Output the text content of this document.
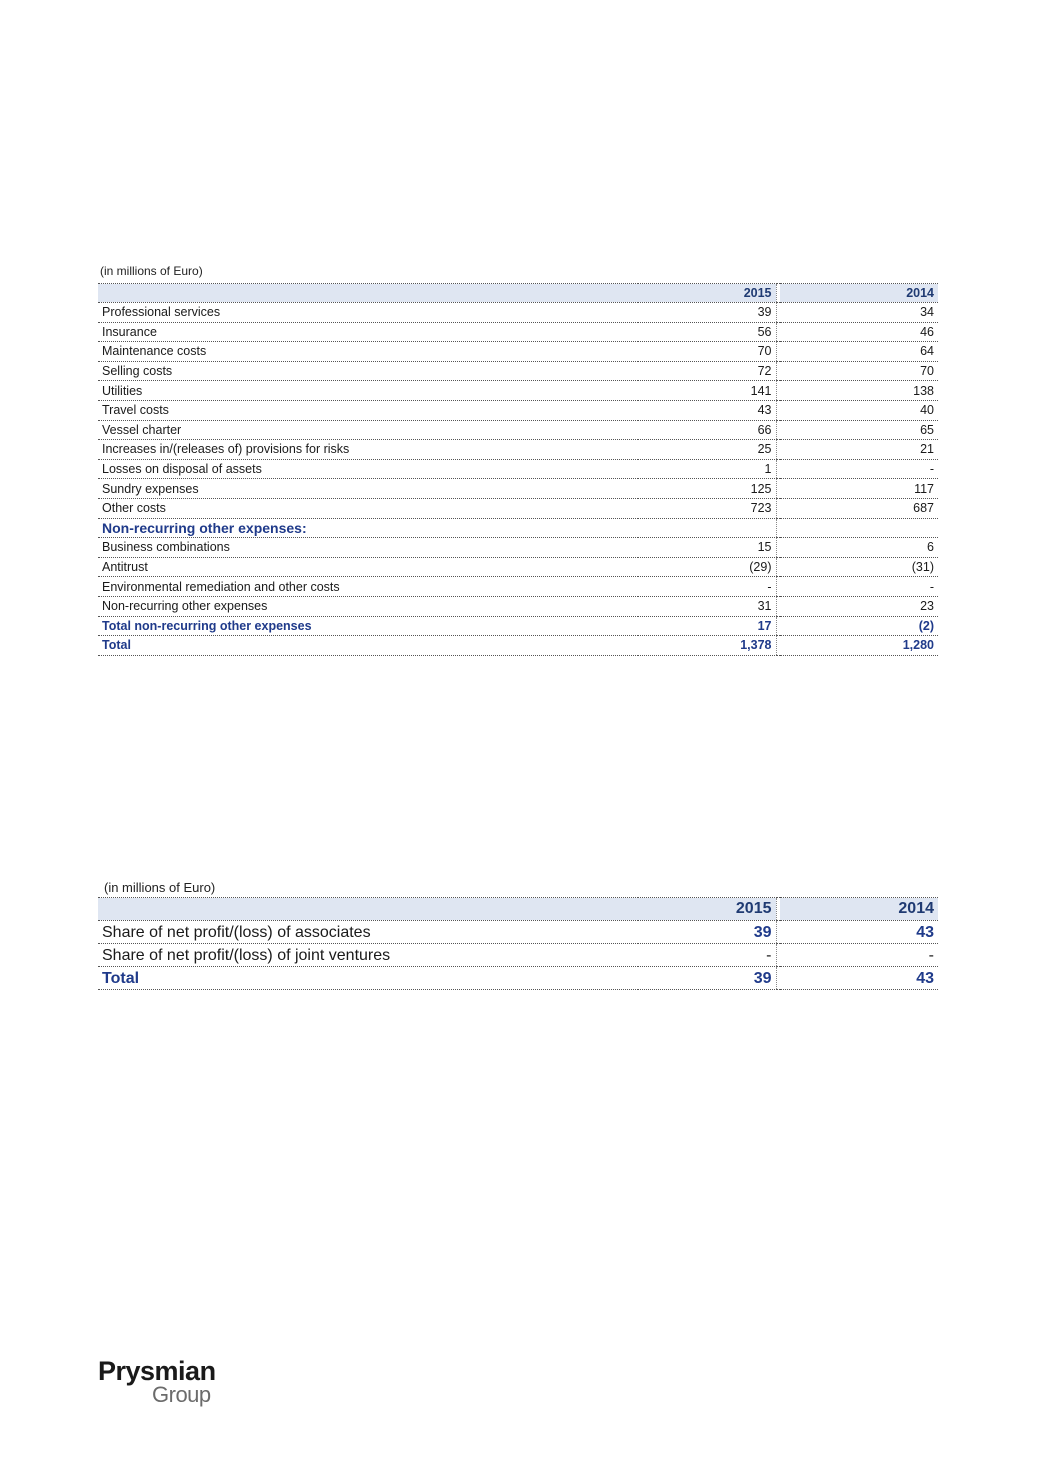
(in millions of Euro)
	2015		2014
Professional services	39		34
Insurance	56		46
Maintenance costs	70		64
Selling costs	72		70
Utilities	141		138
Travel costs	43		40
Vessel charter	66		65
Increases in/(releases of) provisions for risks	25		21
Losses on disposal of assets	1		-
Sundry expenses	125		117
Other costs	723		687
Non-recurring other expenses:			
Business combinations	15		6
Antitrust	(29)		(31)
Environmental remediation and other costs	-		-
Non-recurring other expenses	31		23
Total non-recurring other expenses	17		(2)
Total	1,378		1,280
(in millions of Euro)
	2015		2014
Share of net profit/(loss) of associates	39		43
Share of net profit/(loss) of joint ventures	-		-
Total	39		43
Prysmian
Group
